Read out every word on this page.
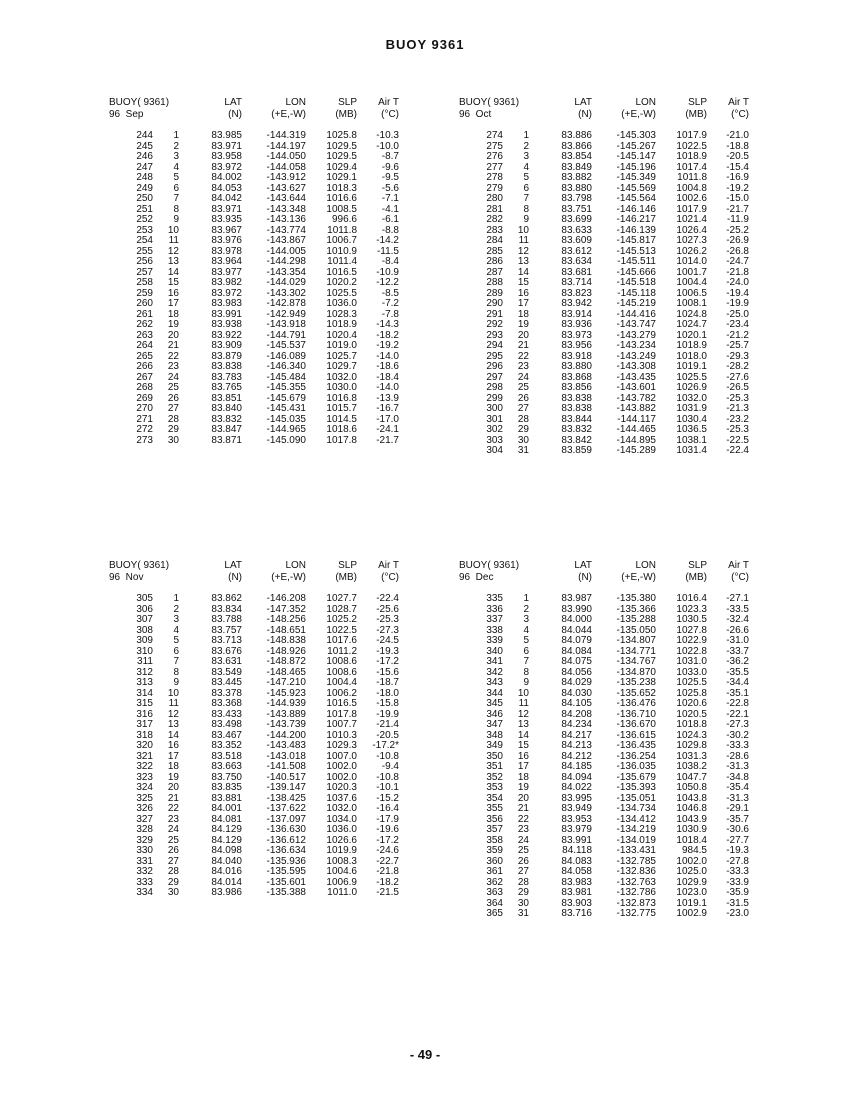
BUOY 9361
BUOY( 9361)	LAT	LON	SLP Air T
96  Sep	(N)	(+E,-W)	(MB) (°C)
244 1	83.985 -144.319 1025.8 -10.3
245 2	83.971 -144.197 1029.5 -10.0
246 3	83.958 -144.050 1029.5 -8.7
247 4	83.972 -144.058 1029.4 -9.6
248 5	84.002 -143.912 1029.1 -9.5
249 6	84.053 -143.627 1018.3 -5.6
250 7	84.042 -143.644 1016.6 -7.1
251 8	83.971 -143.348 1008.5 -4.1
252 9	83.935 -143.136	996.6 -6.1
253 10	83.967 -143.774 1011.8 -8.8
254 11	83.976 -143.867 1006.7 -14.2
255 12	83.978 -144.005 1010.9 -11.5
256 13	83.964 -144.298 1011.4 -8.4
257 14	83.977 -143.354 1016.5 -10.9
258 15	83.982 -144.029 1020.2 -12.2
259 16	83.972 -143.302 1025.5 -8.5
260 17	83.983 -142.878 1036.0 -7.2
261 18	83.991 -142.949 1028.3 -7.8
262 19	83.938 -143.918 1018.9 -14.3
263 20	83.922 -144.791 1020.4 -18.2
264 21	83.909 -145.537 1019.0 -19.2
265 22	83.879 -146.089 1025.7 -14.0
266 23	83.838 -146.340 1029.7 -18.6
267 24	83.783 -145.484 1032.0 -18.4
268 25	83.765 -145.355 1030.0 -14.0
269 26	83.851 -145.679 1016.8 -13.9
270 27	83.840 -145.431 1015.7 -16.7
271 28	83.832 -145.035 1014.5 -17.0
272 29	83.847 -144.965 1018.6 -24.1
273 30	83.871 -145.090 1017.8 -21.7
BUOY( 9361)	LAT	LON	SLP Air T
96  Oct	(N)	(+E,-W)	(MB) (°C)
274 1	83.886 -145.303 1017.9 -21.0
275 2	83.866 -145.267 1022.5 -18.8
276 3	83.854 -145.147 1018.9 -20.5
277 4	83.849 -145.196 1017.4 -15.4
278 5	83.882 -145.349 1011.8 -16.9
279 6	83.880 -145.569 1004.8 -19.2
280 7	83.798 -145.564 1002.6 -15.0
281 8	83.751 -146.146 1017.9 -21.7
282 9	83.699 -146.217 1021.4 -11.9
283 10	83.633 -146.139 1026.4 -25.2
284 11	83.609 -145.817 1027.3 -26.9
285 12	83.612 -145.513 1026.2 -26.8
286 13	83.634	-145.511 1014.0 -24.7
287 14	83.681 -145.666 1001.7 -21.8
288 15	83.714 -145.518 1004.4 -24.0
289 16	83.823	-145.118 1006.5 -19.4
290 17	83.942 -145.219 1008.1 -19.9
291 18	83.914 -144.416 1024.8 -25.0
292 19	83.936 -143.747 1024.7 -23.4
293 20	83.973 -143.279 1020.1 -21.2
294 21	83.956 -143.234 1018.9 -25.7
295 22	83.918 -143.249 1018.0 -29.3
296 23	83.880 -143.308 1019.1 -28.2
297 24	83.868 -143.435 1025.5 -27.6
298 25	83.856 -143.601 1026.9 -26.5
299 26	83.838 -143.782 1032.0 -25.3
300 27	83.838 -143.882 1031.9 -21.3
301 28	83.844	-144.117 1030.4 -23.2
302 29	83.832 -144.465 1036.5 -25.3
303 30	83.842 -144.895 1038.1 -22.5
304 31	83.859 -145.289 1031.4 -22.4
BUOY( 9361)	LAT	LON	SLP Air T
96  Nov	(N)	(+E,-W)	(MB) (°C)
305 1	83.862 -146.208 1027.7 -22.4
306 2	83.834 -147.352 1028.7 -25.6
307 3	83.788 -148.256 1025.2 -25.3
308 4	83.757 -148.651 1022.5 -27.3
309 5	83.713 -148.838 1017.6 -24.5
310 6	83.676 -148.926 1011.2 -19.3
311 7	83.631 -148.872 1008.6 -17.2
312 8	83.549 -148.465 1008.6 -15.6
313 9	83.445 -147.210 1004.4 -18.7
314 10	83.378 -145.923 1006.2 -18.0
315 11	83.368 -144.939 1016.5 -15.8
316 12	83.433 -143.889 1017.8 -19.9
317 13	83.498 -143.739 1007.7 -21.4
318 14	83.467 -144.200 1010.3 -20.5
320 16	83.352 -143.483 1029.3 -17.2*
321 17	83.518 -143.018 1007.0 -10.8
322 18	83.663 -141.508 1002.0 -9.4
323 19	83.750 -140.517 1002.0 -10.8
324 20	83.835 -139.147 1020.3 -10.1
325 21	83.881 -138.425 1037.6 -15.2
326 22	84.001 -137.622 1032.0 -16.4
327 23	84.081 -137.097 1034.0 -17.9
328 24	84.129 -136.630 1036.0 -19.6
329 25	84.129 -136.612 1026.6 -17.2
330 26	84.098 -136.634 1019.9 -24.6
331 27	84.040 -135.936 1008.3 -22.7
332 28	84.016 -135.595 1004.6 -21.8
333 29	84.014 -135.601 1006.9 -18.2
334 30	83.986 -135.388 1011.0 -21.5
BUOY( 9361)	LAT	LON	SLP Air T
96  Dec	(N)	(+E,-W)	(MB) (°C)
335 1	83.987 -135.380 1016.4 -27.1
336 2	83.990 -135.366 1023.3 -33.5
337 3	84.000 -135.288 1030.5 -32.4
338 4	84.044 -135.050 1027.8 -26.6
339 5	84.079 -134.807 1022.9 -31.0
340 6	84.084 -134.771 1022.8 -33.7
341 7	84.075 -134.767 1031.0 -36.2
342 8	84.056 -134.870 1033.0 -35.5
343 9	84.029 -135.238 1025.5 -34.4
344 10	84.030 -135.652 1025.8 -35.1
345 11	84.105 -136.476 1020.6 -22.8
346 12	84.208 -136.710 1020.5 -22.1
347 13	84.234 -136.670 1018.8 -27.3
348 14	84.217 -136.615 1024.3 -30.2
349 15	84.213 -136.435 1029.8 -33.3
350 16	84.212 -136.254 1031.3 -28.6
351 17	84.185 -136.035 1038.2 -31.3
352 18	84.094 -135.679 1047.7 -34.8
353 19	84.022 -135.393 1050.8 -35.4
354 20	83.995 -135.051 1043.8 -31.3
355 21	83.949 -134.734 1046.8 -29.1
356 22	83.953 -134.412 1043.9 -35.7
357 23	83.979 -134.219 1030.9 -30.6
358 24	83.991 -134.019 1018.4 -27.7
359 25	84.118 -133.431	984.5 -19.3
360 26	84.083 -132.785 1002.0 -27.8
361 27	84.058 -132.836 1025.0 -33.3
362 28	83.983 -132.763 1029.9 -33.9
363 29	83.981 -132.786 1023.0 -35.9
364 30	83.903 -132.873 1019.1 -31.5
365 31	83.716 -132.775 1002.9 -23.0
- 49 -
